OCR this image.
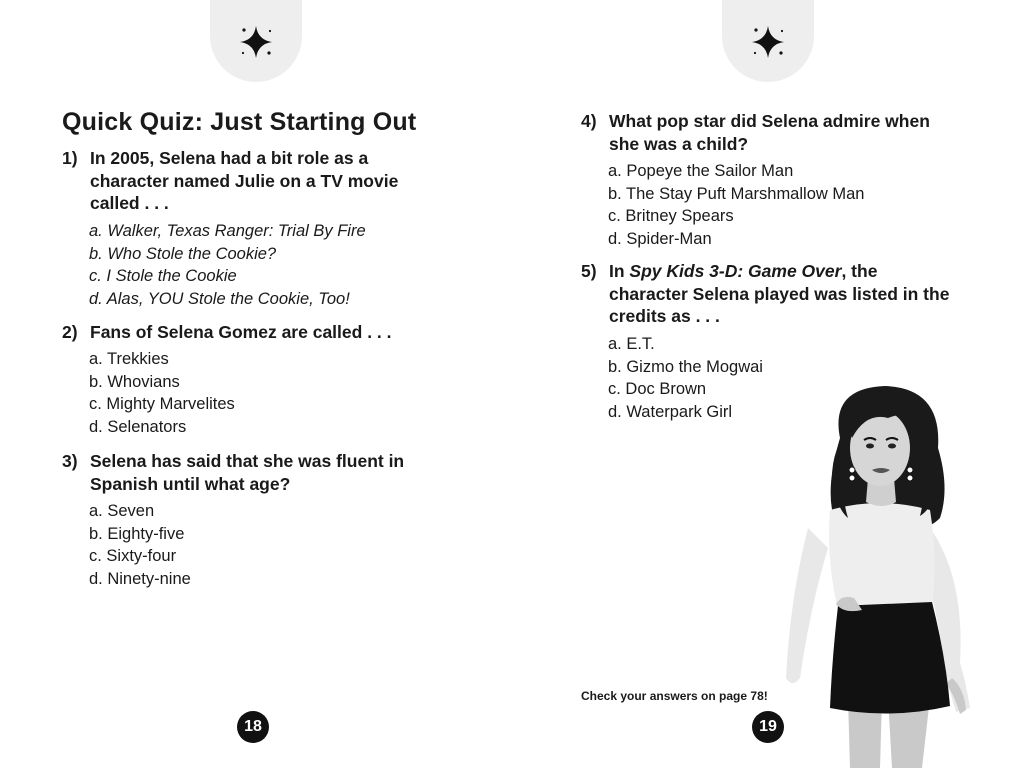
Quick Quiz: Just Starting Out
1) In 2005, Selena had a bit role as a character named Julie on a TV movie called . . .
a. Walker, Texas Ranger: Trial By Fire
b. Who Stole the Cookie?
c. I Stole the Cookie
d. Alas, YOU Stole the Cookie, Too!
2) Fans of Selena Gomez are called . . .
a. Trekkies
b. Whovians
c. Mighty Marvelites
d. Selenators
3) Selena has said that she was fluent in Spanish until what age?
a. Seven
b. Eighty-five
c. Sixty-four
d. Ninety-nine
18
4) What pop star did Selena admire when she was a child?
a. Popeye the Sailor Man
b. The Stay Puft Marshmallow Man
c. Britney Spears
d. Spider-Man
5) In Spy Kids 3-D: Game Over, the character Selena played was listed in the credits as . . .
a. E.T.
b. Gizmo the Mogwai
c. Doc Brown
d. Waterpark Girl
Check your answers on page 78!
19
